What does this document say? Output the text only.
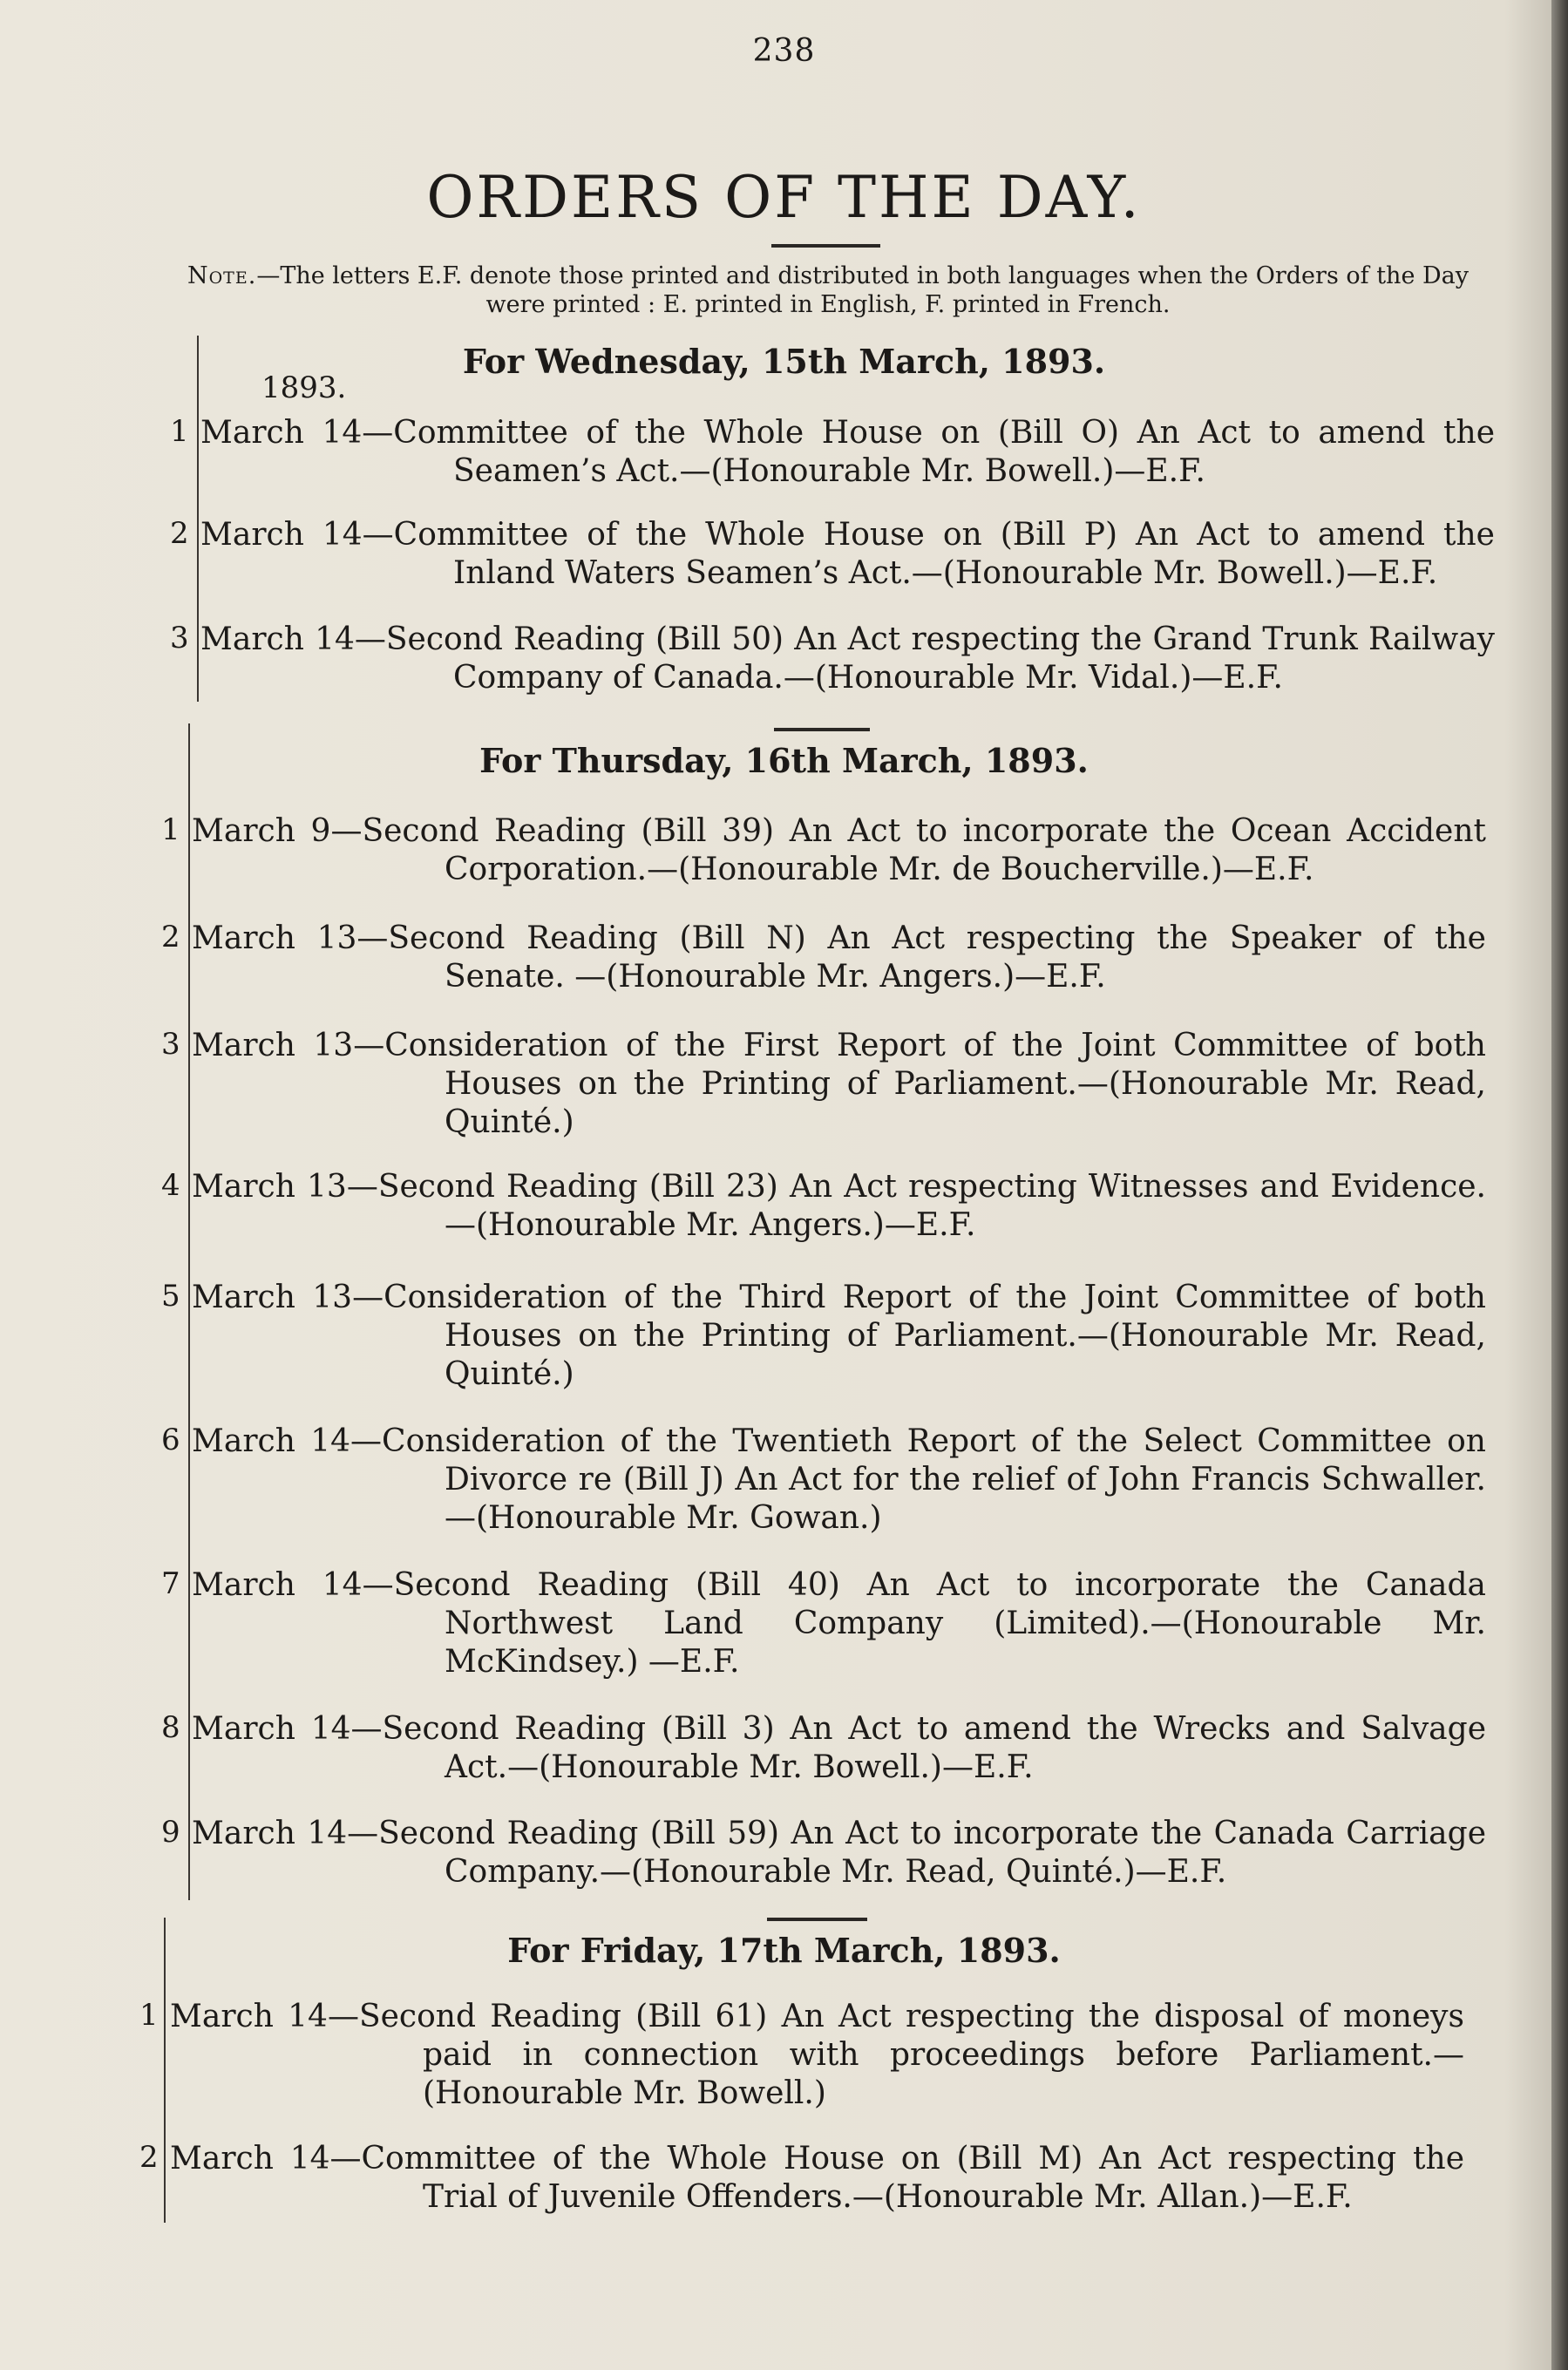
238
ORDERS OF THE DAY.
Note.—The letters E.F. denote those printed and distributed in both languages when the Orders of the Day were printed : E. printed in English, F. printed in French.
For Wednesday, 15th March, 1893.
1893.
1 March 14—Committee of the Whole House on (Bill O) An Act to amend the Seamen’s Act.—(Honourable Mr. Bowell.)—E.F.
2 March 14—Committee of the Whole House on (Bill P) An Act to amend the Inland Waters Seamen’s Act.—(Honourable Mr. Bowell.)—E.F.
3 March 14—Second Reading (Bill 50) An Act respecting the Grand Trunk Railway Company of Canada.—(Honourable Mr. Vidal.)—E.F.
For Thursday, 16th March, 1893.
1 March 9—Second Reading (Bill 39) An Act to incorporate the Ocean Accident Corporation.—(Honourable Mr. de Boucherville.)—E.F.
2 March 13—Second Reading (Bill N) An Act respecting the Speaker of the Senate. —(Honourable Mr. Angers.)—E.F.
3 March 13—Consideration of the First Report of the Joint Committee of both Houses on the Printing of Parliament.—(Honourable Mr. Read, Quinté.)
4 March 13—Second Reading (Bill 23) An Act respecting Witnesses and Evidence. —(Honourable Mr. Angers.)—E.F.
5 March 13—Consideration of the Third Report of the Joint Committee of both Houses on the Printing of Parliament.—(Honourable Mr. Read, Quinté.)
6 March 14—Consideration of the Twentieth Report of the Select Committee on Divorce re (Bill J) An Act for the relief of John Francis Schwaller. —(Honourable Mr. Gowan.)
7 March 14—Second Reading (Bill 40) An Act to incorporate the Canada Northwest Land Company (Limited).—(Honourable Mr. McKindsey.) —E.F.
8 March 14—Second Reading (Bill 3) An Act to amend the Wrecks and Salvage Act.—(Honourable Mr. Bowell.)—E.F.
9 March 14—Second Reading (Bill 59) An Act to incorporate the Canada Carriage Company.—(Honourable Mr. Read, Quinté.)—E.F.
For Friday, 17th March, 1893.
1 March 14—Second Reading (Bill 61) An Act respecting the disposal of moneys paid in connection with proceedings before Parliament.—(Honourable Mr. Bowell.)
2 March 14—Committee of the Whole House on (Bill M) An Act respecting the Trial of Juvenile Offenders.—(Honourable Mr. Allan.)—E.F.
